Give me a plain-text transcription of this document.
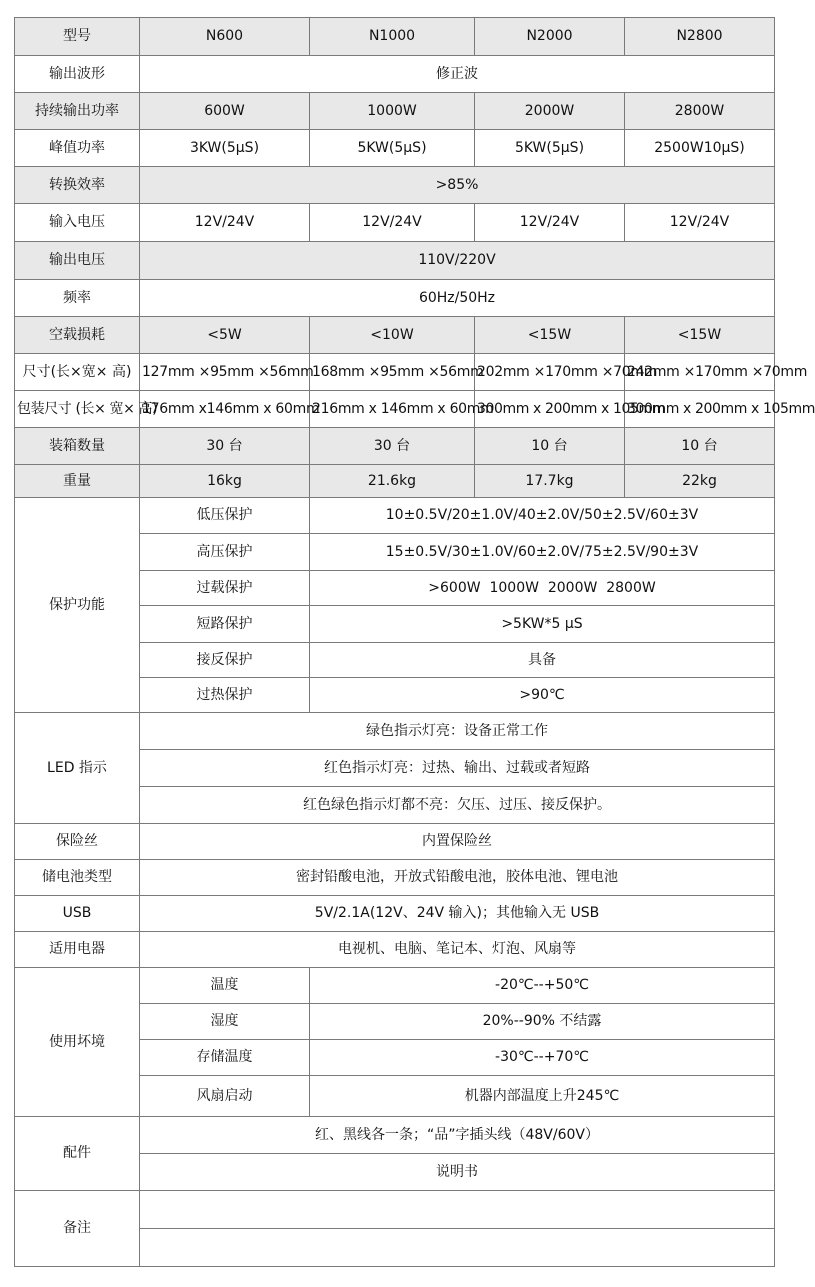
型号	N600	N1000	N2000	N2800
输出波形	修正波			
持续输出功率	600W	1000W	2000W	2800W
峰值功率	3KW(5μS)	5KW(5μS)	5KW(5μS)	2500W10μS)
转换效率	>85%			
输入电压	12V/24V	12V/24V	12V/24V	12V/24V
输出电压	110V/220V			
频率	60Hz/50Hz			
空载损耗	<5W	<10W	<15W	<15W
尺寸(长×宽× 高)	127mm ×95mm ×56mm	168mm ×95mm ×56mm	202mm ×170mm ×70mm	242mm ×170mm ×70mm
包装尺寸 (长× 宽× 高)	176mm x146mm x 60mm	216mm x 146mm x 60mm	300mm x 200mm x 105mm	300mm x 200mm x 105mm
装箱数量	30 台	30 台	10 台	10 台
重量	16kg	21.6kg	17.7kg	22kg
保护功能	低压保护	10±0.5V/20±1.0V/40±2.0V/50±2.5V/60±3V		
	高压保护	15±0.5V/30±1.0V/60±2.0V/75±2.5V/90±3V		
	过载保护	>600W  1000W  2000W  2800W		
	短路保护	>5KW*5 μS		
	接反保护	具备		
	过热保护	>90℃		
LED 指示	绿色指示灯亮：设备正常工作			
	红色指示灯亮：过热、输出、过载或者短路			
	红色绿色指示灯都不亮：欠压、过压、接反保护。			
保险丝	内置保险丝			
储电池类型	密封铅酸电池，开放式铅酸电池，胶体电池、锂电池			
USB	5V/2.1A(12V、24V 输入)；其他输入无 USB			
适用电器	电视机、电脑、笔记本、灯泡、风扇等			
使用坏境	温度	-20℃--+50℃		
	湿度	20%--90% 不结露		
	存储温度	-30℃--+70℃		
	风扇启动	机器内部温度上升245℃		
配件	红、黑线各一条；“品”字插头线（48V/60V）			
	说明书			
备注				
